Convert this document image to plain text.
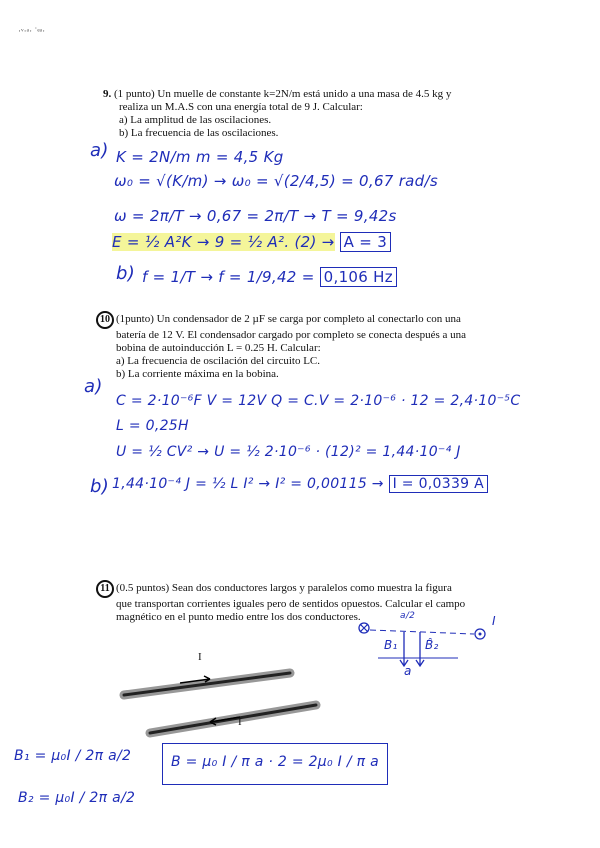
·ᵛ·ᵃ· ˙ᵉᵃ·
9. (1 punto) Un muelle de constante k=2N/m está unido a una masa de 4.5 kg y
realiza un M.A.S con una energía total de 9 J. Calcular:
a) La amplitud de las oscilaciones.
b) La frecuencia de las oscilaciones.
a) K = 2N/m m = 4,5 Kg
ω₀ = √(K/m) → ω₀ = √(2/4,5) = 0,67 rad/s
ω = 2π/T → 0,67 = 2π/T → T = 9,42s
E = ½ A²K → 9 = ½ A². (2) → A = 3
b) f = 1/T → f = 1/9,42 = 0,106 Hz
10 (1punto) Un condensador de 2 µF se carga por completo al conectarlo con una
batería de 12 V. El condensador cargado por completo se conecta después a una
bobina de autoinducción L = 0.25 H. Calcular:
a) La frecuencia de oscilación del circuito LC.
b) La corriente máxima en la bobina.
a)
C = 2·10⁻⁶F V = 12V Q = C.V = 2·10⁻⁶ · 12 = 2,4·10⁻⁵C
L = 0,25H
U = ½ CV² → U = ½ 2·10⁻⁶ · (12)² = 1,44·10⁻⁴ J
b) 1,44·10⁻⁴ J = ½ L I² → I² = 0,00115 → I = 0,0339 A
11 (0.5 puntos) Sean dos conductores largos y paralelos como muestra la figura
que transportan corrientes iguales pero de sentidos opuestos. Calcular el campo
magnético en el punto medio entre los dos conductores.
I
I
a/2
B₁ B̂₂
a
I
B₁ = µ₀I / 2π a/2
B₂ = µ₀I / 2π a/2
B = µ₀ I / π a · 2 = 2µ₀ I / π a
